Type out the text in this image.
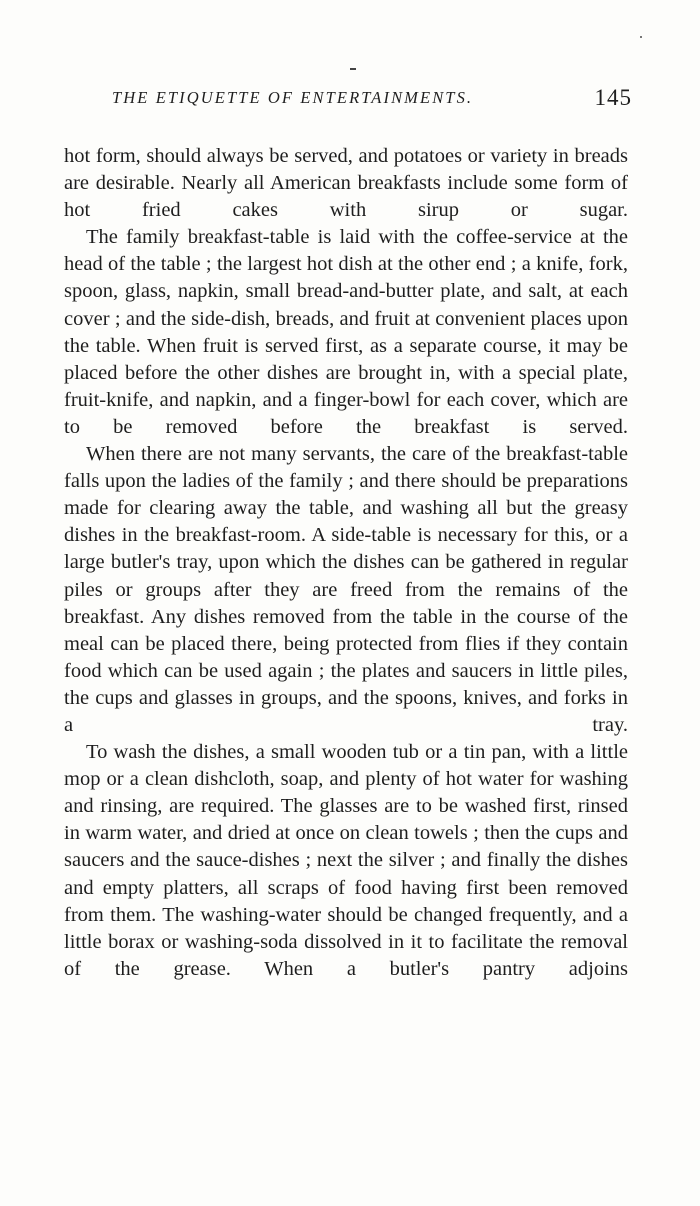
THE ETIQUETTE OF ENTERTAINMENTS.	145

hot form, should always be served, and potatoes or variety in breads are desirable. Nearly all American breakfasts include some form of hot fried cakes with sirup or sugar.

The family breakfast-table is laid with the coffee-service at the head of the table ; the largest hot dish at the other end ; a knife, fork, spoon, glass, napkin, small bread-and-butter plate, and salt, at each cover ; and the side-dish, breads, and fruit at convenient places upon the table. When fruit is served first, as a separate course, it may be placed before the other dishes are brought in, with a special plate, fruit-knife, and napkin, and a finger-bowl for each cover, which are to be removed before the breakfast is served.

When there are not many servants, the care of the breakfast-table falls upon the ladies of the family ; and there should be preparations made for clearing away the table, and washing all but the greasy dishes in the breakfast-room. A side-table is necessary for this, or a large butler's tray, upon which the dishes can be gathered in regular piles or groups after they are freed from the remains of the breakfast. Any dishes removed from the table in the course of the meal can be placed there, being protected from flies if they contain food which can be used again ; the plates and saucers in little piles, the cups and glasses in groups, and the spoons, knives, and forks in a tray.

To wash the dishes, a small wooden tub or a tin pan, with a little mop or a clean dishcloth, soap, and plenty of hot water for washing and rinsing, are required. The glasses are to be washed first, rinsed in warm water, and dried at once on clean towels ; then the cups and saucers and the sauce-dishes ; next the silver ; and finally the dishes and empty platters, all scraps of food having first been removed from them. The washing-water should be changed frequently, and a little borax or washing-soda dissolved in it to facilitate the removal of the grease. When a butler's pantry adjoins
